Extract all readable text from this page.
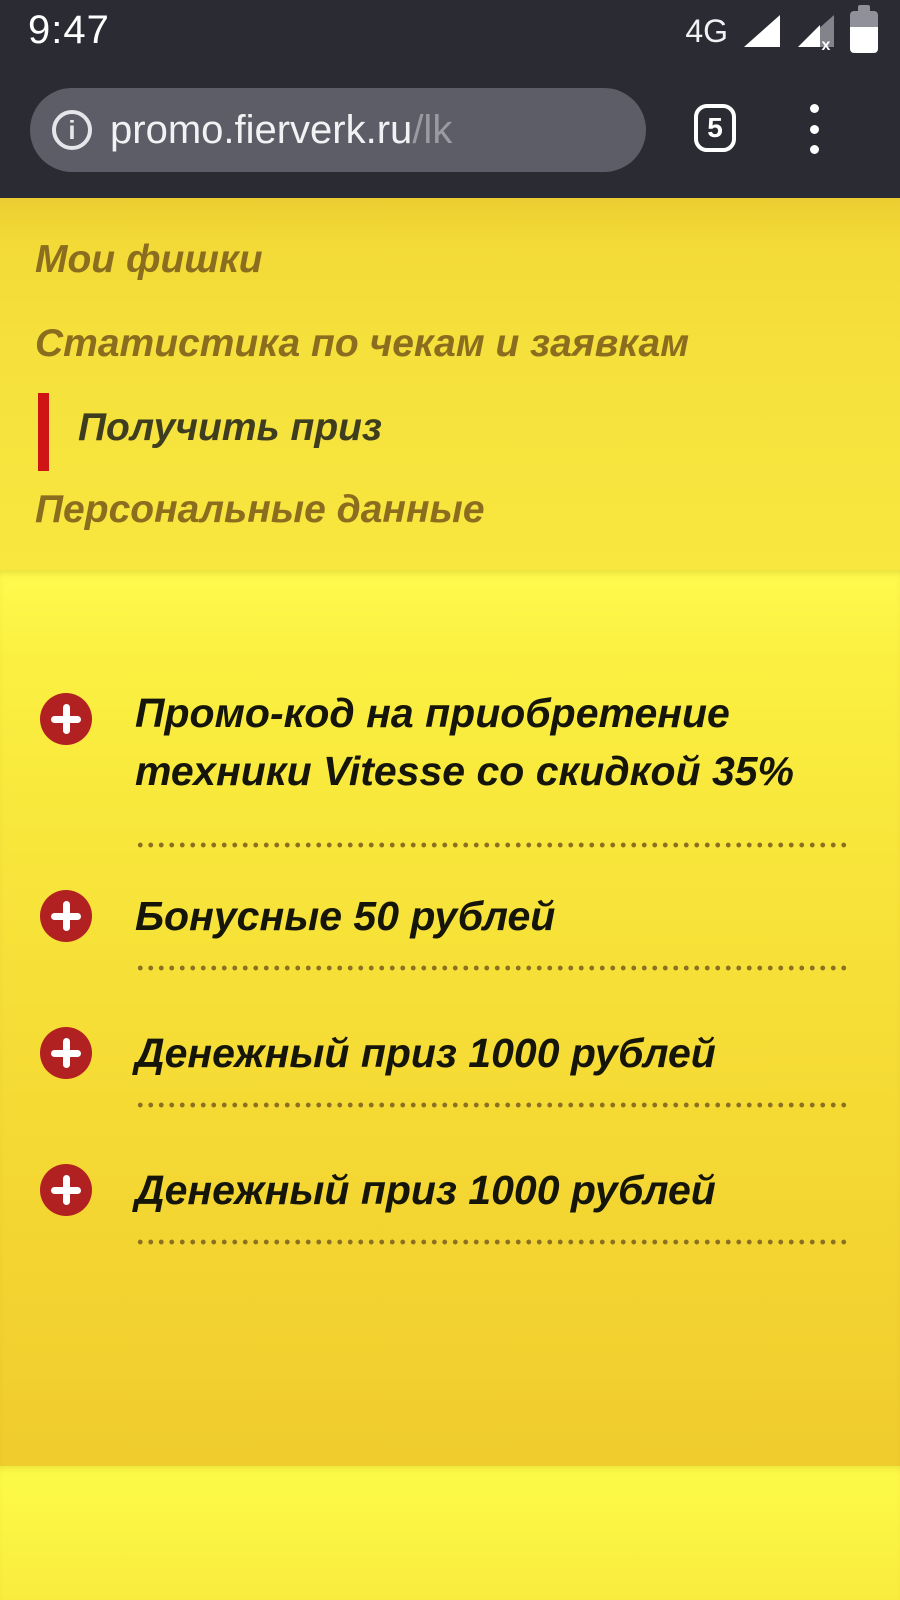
9:47	4G	x
i promo.fierverk.ru/lk	5
Мои фишки
Статистика по чекам и заявкам
Получить приз
Персональные данные
Промо-код на приобретение техники Vitesse со скидкой 35%
Бонусные 50 рублей
Денежный приз 1000 рублей
Денежный приз 1000 рублей
